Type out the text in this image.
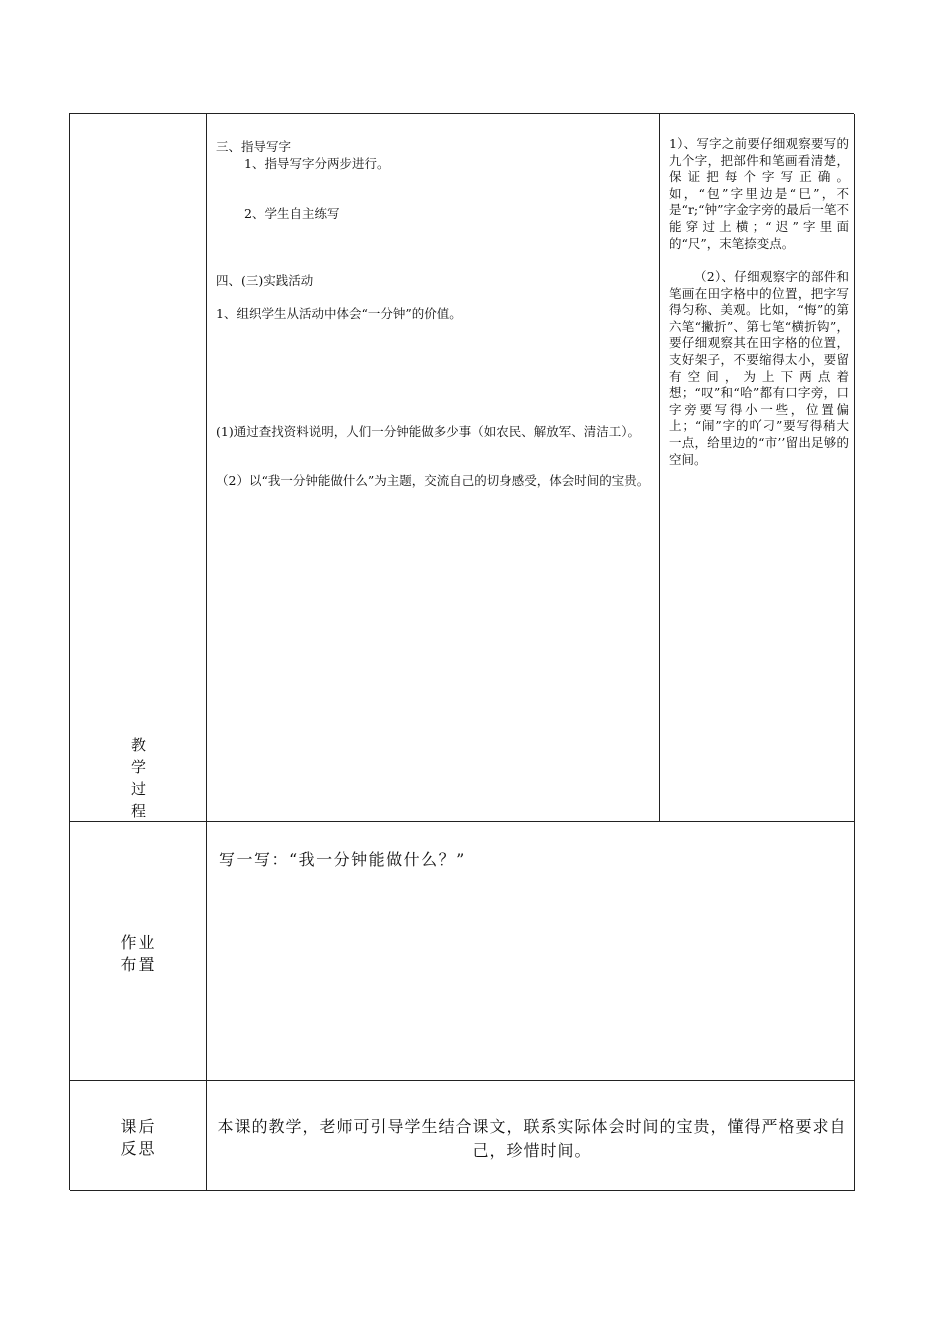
教
学
过
程
三、指导写字
1、指导写字分两步进行。
2、学生自主练写
四、(三)实践活动
1、组织学生从活动中体会“一分钟”的价值。
(1)通过查找资料说明，人们一分钟能做多少事（如农民、解放军、清洁工）。
（2）以“我一分钟能做什么”为主题，交流自己的切身感受，体会时间的宝贵。
1）、写字之前要仔细观察要写的九个字，把部件和笔画看清楚，保证把每个字写正确。如，“包”字里边是“巳”，不是“r;“钟”字金字旁的最后一笔不能穿过上横；“迟”字里面的“尺”，末笔捺变点。
（2）、仔细观察字的部件和笔画在田字格中的位置，把字写得匀称、美观。比如，“悔”的第六笔“撇折”、第七笔“横折钩”，要仔细观察其在田字格的位置，支好架子，不要缩得太小，要留有空间，为上下两点着想；“叹”和“哈”都有口字旁，口字旁要写得小一些，位置偏上；“闹”字的吖刁”要写得稍大一点，给里边的“市’’留出足够的空间。
作业
布置
写一写：“我一分钟能做什么？”
课后
反思
本课的教学，老师可引导学生结合课文，联系实际体会时间的宝贵，懂得严格要求自己，珍惜时间。
